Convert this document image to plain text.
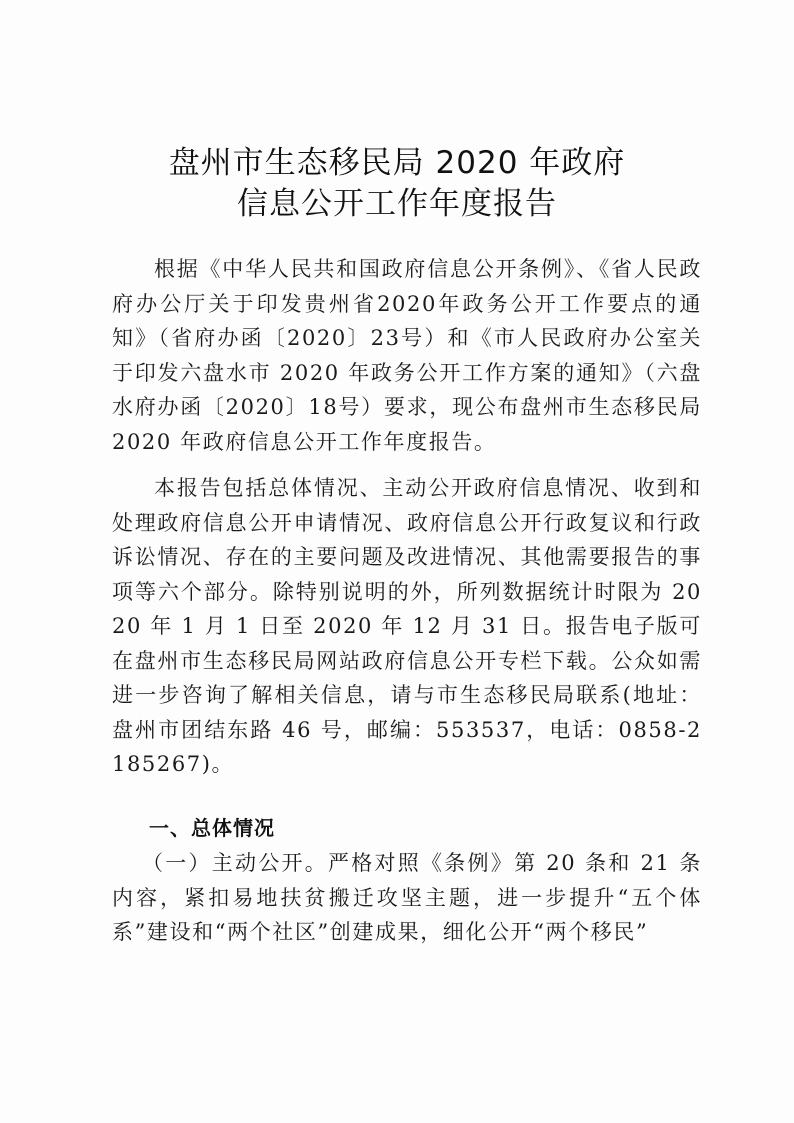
盘州市生态移民局 2020 年政府
信息公开工作年度报告

根据《中华人民共和国政府信息公开条例》、《省人民政府办公厅关于印发贵州省2020年政务公开工作要点的通知》（省府办函〔2020〕23号）和《市人民政府办公室关于印发六盘水市 2020 年政务公开工作方案的通知》（六盘水府办函〔2020〕18号）要求，现公布盘州市生态移民局 2020 年政府信息公开工作年度报告。

本报告包括总体情况、主动公开政府信息情况、收到和处理政府信息公开申请情况、政府信息公开行政复议和行政诉讼情况、存在的主要问题及改进情况、其他需要报告的事项等六个部分。除特别说明的外，所列数据统计时限为 2020 年 1 月 1 日至 2020 年 12 月 31 日。报告电子版可在盘州市生态移民局网站政府信息公开专栏下载。公众如需进一步咨询了解相关信息，请与市生态移民局联系(地址：盘州市团结东路 46 号，邮编：553537，电话：0858-2185267)。

一、总体情况

（一）主动公开。严格对照《条例》第 20 条和 21 条内容，紧扣易地扶贫搬迁攻坚主题，进一步提升“五个体系”建设和“两个社区”创建成果，细化公开“两个移民”
